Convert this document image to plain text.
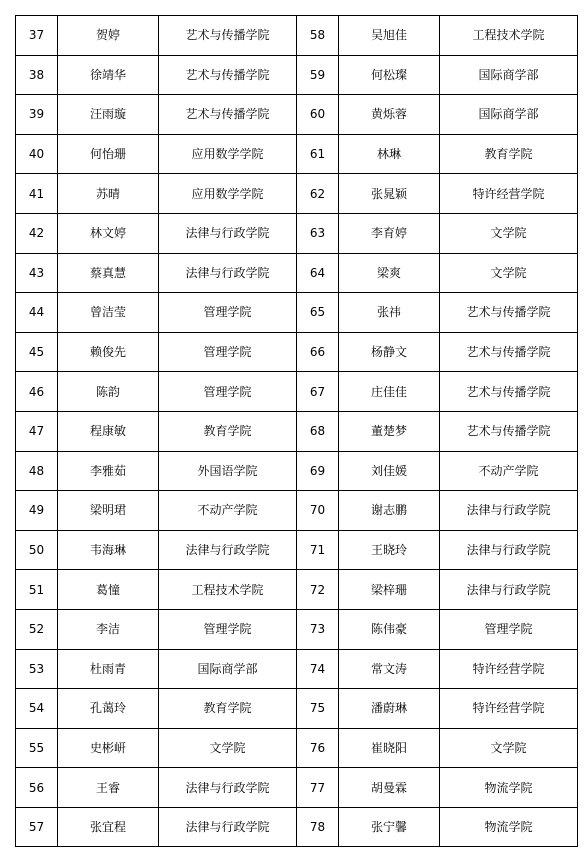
37	贺婷	艺术与传播学院	58	吴旭佳	工程技术学院
38	徐靖华	艺术与传播学院	59	何松璨	国际商学部
39	汪雨璇	艺术与传播学院	60	黄烁蓉	国际商学部
40	何怡珊	应用数学学院	61	林琳	教育学院
41	苏晴	应用数学学院	62	张晁颖	特许经营学院
42	林文婷	法律与行政学院	63	李育婷	文学院
43	蔡真慧	法律与行政学院	64	梁爽	文学院
44	曾洁莹	管理学院	65	张祎	艺术与传播学院
45	赖俊先	管理学院	66	杨静文	艺术与传播学院
46	陈韵	管理学院	67	庄佳佳	艺术与传播学院
47	程康敏	教育学院	68	董楚梦	艺术与传播学院
48	李雅茹	外国语学院	69	刘佳媛	不动产学院
49	梁明珺	不动产学院	70	谢志鹏	法律与行政学院
50	韦海琳	法律与行政学院	71	王晓玲	法律与行政学院
51	葛憧	工程技术学院	72	梁梓珊	法律与行政学院
52	李洁	管理学院	73	陈伟豪	管理学院
53	杜雨青	国际商学部	74	常文涛	特许经营学院
54	孔蔼玲	教育学院	75	潘蔚琳	特许经营学院
55	史彬岍	文学院	76	崔晓阳	文学院
56	王睿	法律与行政学院	77	胡曼霖	物流学院
57	张宜程	法律与行政学院	78	张宁馨	物流学院
